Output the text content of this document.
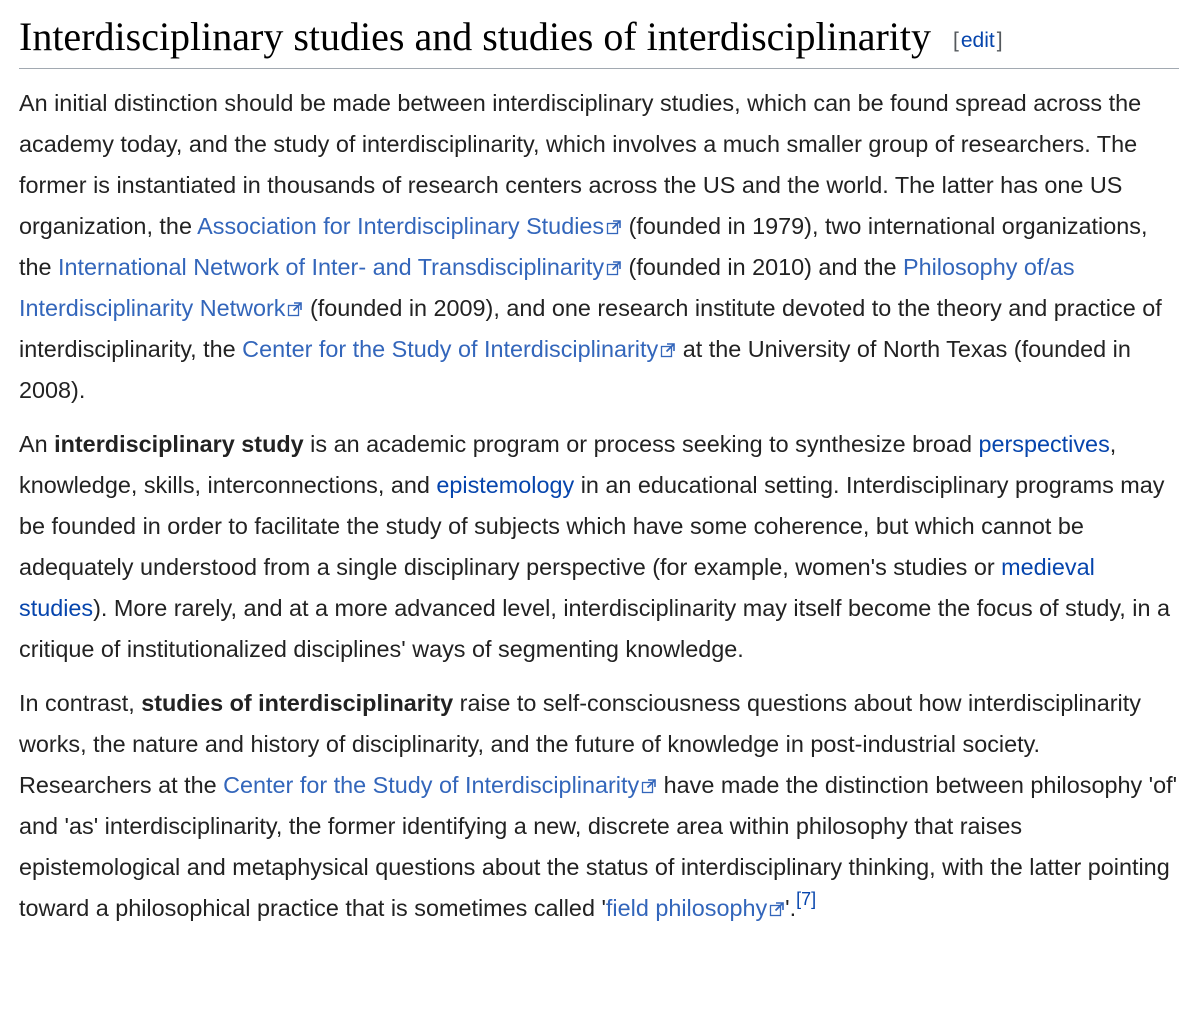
Interdisciplinary studies and studies of interdisciplinarity [edit]

An initial distinction should be made between interdisciplinary studies, which can be found spread across the academy today, and the study of interdisciplinarity, which involves a much smaller group of researchers. The former is instantiated in thousands of research centers across the US and the world. The latter has one US organization, the Association for Interdisciplinary Studies
(founded in 1979), two international organizations, the International Network of Inter- and Transdisciplinarity
(founded in 2010) and the Philosophy of/as Interdisciplinarity Network
(founded in 2009), and one research institute devoted to the theory and practice of interdisciplinarity, the Center for the Study of Interdisciplinarity
at the University of North Texas (founded in 2008).

An interdisciplinary study is an academic program or process seeking to synthesize broad perspectives, knowledge, skills, interconnections, and epistemology in an educational setting. Interdisciplinary programs may be founded in order to facilitate the study of subjects which have some coherence, but which cannot be adequately understood from a single disciplinary perspective (for example, women's studies or medieval studies). More rarely, and at a more advanced level, interdisciplinarity may itself become the focus of study, in a critique of institutionalized disciplines' ways of segmenting knowledge.

In contrast, studies of interdisciplinarity raise to self-consciousness questions about how interdisciplinarity works, the nature and history of disciplinarity, and the future of knowledge in post-industrial society. Researchers at the Center for the Study of Interdisciplinarity
have made the distinction between philosophy 'of' and 'as' interdisciplinarity, the former identifying a new, discrete area within philosophy that raises epistemological and metaphysical questions about the status of interdisciplinary thinking, with the latter pointing toward a philosophical practice that is sometimes called 'field philosophy '.[7]
